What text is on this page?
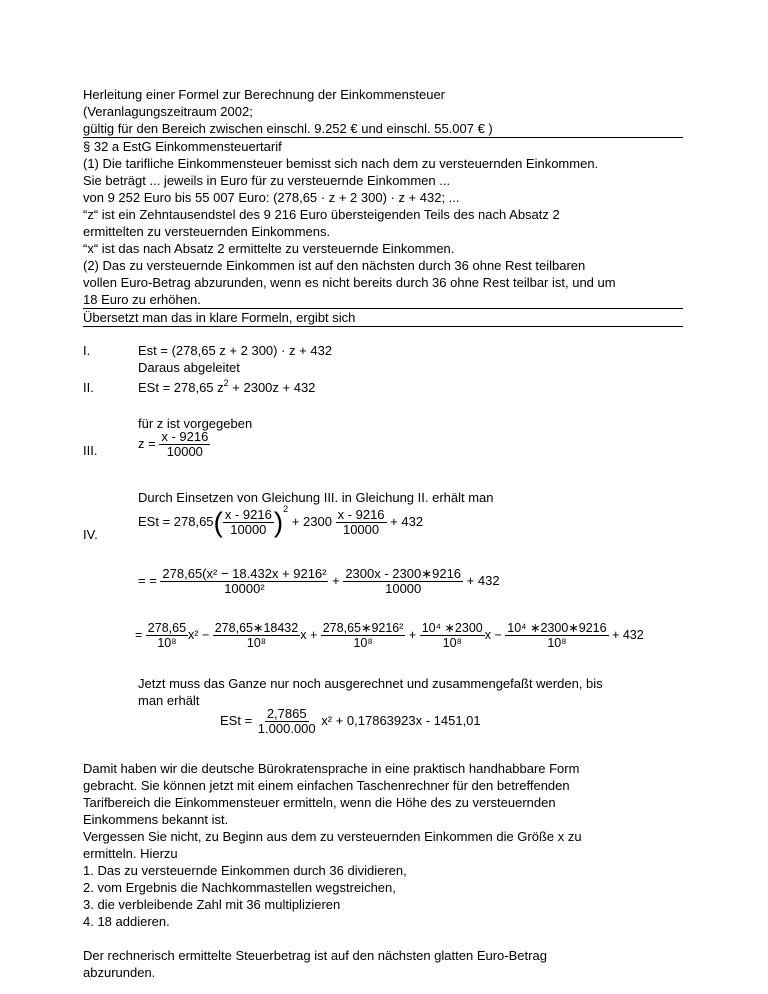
Herleitung einer Formel zur Berechnung der Einkommensteuer
(Veranlagungszeitraum 2002;
gültig für den Bereich zwischen einschl. 9.252 € und einschl. 55.007 € )
§ 32 a EstG Einkommensteuertarif
(1) Die tarifliche Einkommensteuer bemisst sich nach dem zu versteuernden Einkommen.
Sie beträgt ... jeweils in Euro für zu versteuernde Einkommen ...
von 9 252 Euro bis 55 007 Euro: (278,65 · z + 2 300) · z + 432; ...
“z“ ist ein Zehntausendstel des 9 216 Euro übersteigenden Teils des nach Absatz 2
ermittelten zu versteuernden Einkommens.
“x“ ist das nach Absatz 2 ermittelte zu versteuernde Einkommen.
(2) Das zu versteuernde Einkommen ist auf den nächsten durch 36 ohne Rest teilbaren
vollen Euro-Betrag abzurunden, wenn es nicht bereits durch 36 ohne Rest teilbar ist, und um
18 Euro zu erhöhen.
Übersetzt man das in klare Formeln, ergibt sich
I.	Est = (278,65 z + 2 300) · z + 432
Daraus abgeleitet
II.	ESt = 278,65 $z^2 + 2300z + 432$
für z ist vorgegeben
III.	$z = \frac{x - 9216}{10000}$
Durch Einsetzen von Gleichung III. in Gleichung II. erhält man
IV.
ESt = $278,65( \frac{x - 9216}{10000} )^2 + 2300 \frac{x - 9216}{10000} + 432$
= = $\frac{\text{278,65(x² − 18.432x + 9216²}}{\text{10000²}} + \frac{2300x - 2300∗9216}{10000} + 432$
= $\frac{278,65}{\text{10⁸}} x^2 - \frac{278,65∗18432}{\text{10⁸}}$ $x + \frac{\text{278,65∗9216²}}{\text{10⁸}} + \frac{\text{10⁴ ∗2300}}{\text{10⁸}}$ $x - \frac{\text{10⁴ ∗2300∗9216}}{\text{10⁸}} + 432$
Jetzt muss das Ganze nur noch ausgerechnet und zusammengefaßt werden, bis
man erhält
ESt = $\frac{2,7865}{1.000.000} x^2 + 0,17863923x - 1451,01$
Damit haben wir die deutsche Bürokratensprache in eine praktisch handhabbare Form
gebracht. Sie können jetzt mit einem einfachen Taschenrechner für den betreffenden
Tarifbereich die Einkommensteuer ermitteln, wenn die Höhe des zu versteuernden
Einkommens bekannt ist.
Vergessen Sie nicht, zu Beginn aus dem zu versteuernden Einkommen die Größe x zu
ermitteln. Hierzu
1. Das zu versteuernde Einkommen durch 36 dividieren,
2. vom Ergebnis die Nachkommastellen wegstreichen,
3. die verbleibende Zahl mit 36 multiplizieren
4. 18 addieren.
Der rechnerisch ermittelte Steuerbetrag ist auf den nächsten glatten Euro-Betrag
abzurunden.
